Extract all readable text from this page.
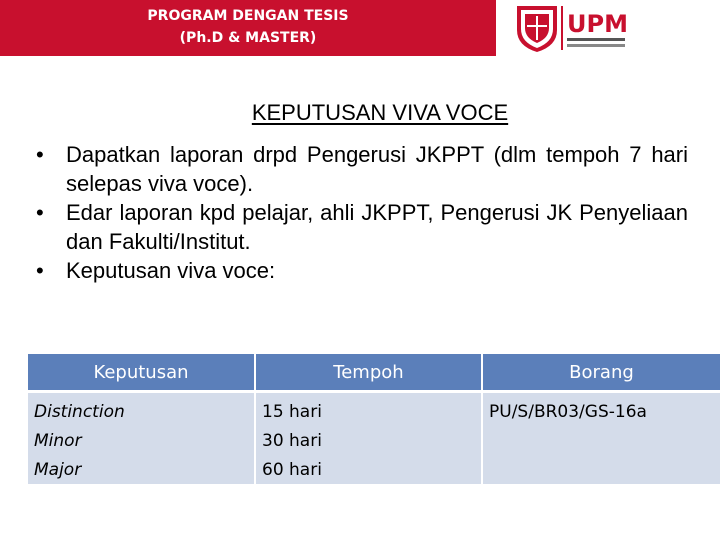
PROGRAM DENGAN TESIS
(Ph.D & MASTER)	UPM
KEPUTUSAN VIVA VOCE
• Dapatkan laporan drpd Pengerusi JKPPT (dlm tempoh 7 hari selepas viva voce).
• Edar laporan kpd pelajar, ahli JKPPT, Pengerusi JK Penyeliaan dan Fakulti/Institut.
• Keputusan viva voce:
Keputusan
Distinction
Minor
Major
Tempoh
15 hari
30 hari
60 hari
Borang
PU/S/BR03/GS-16a
